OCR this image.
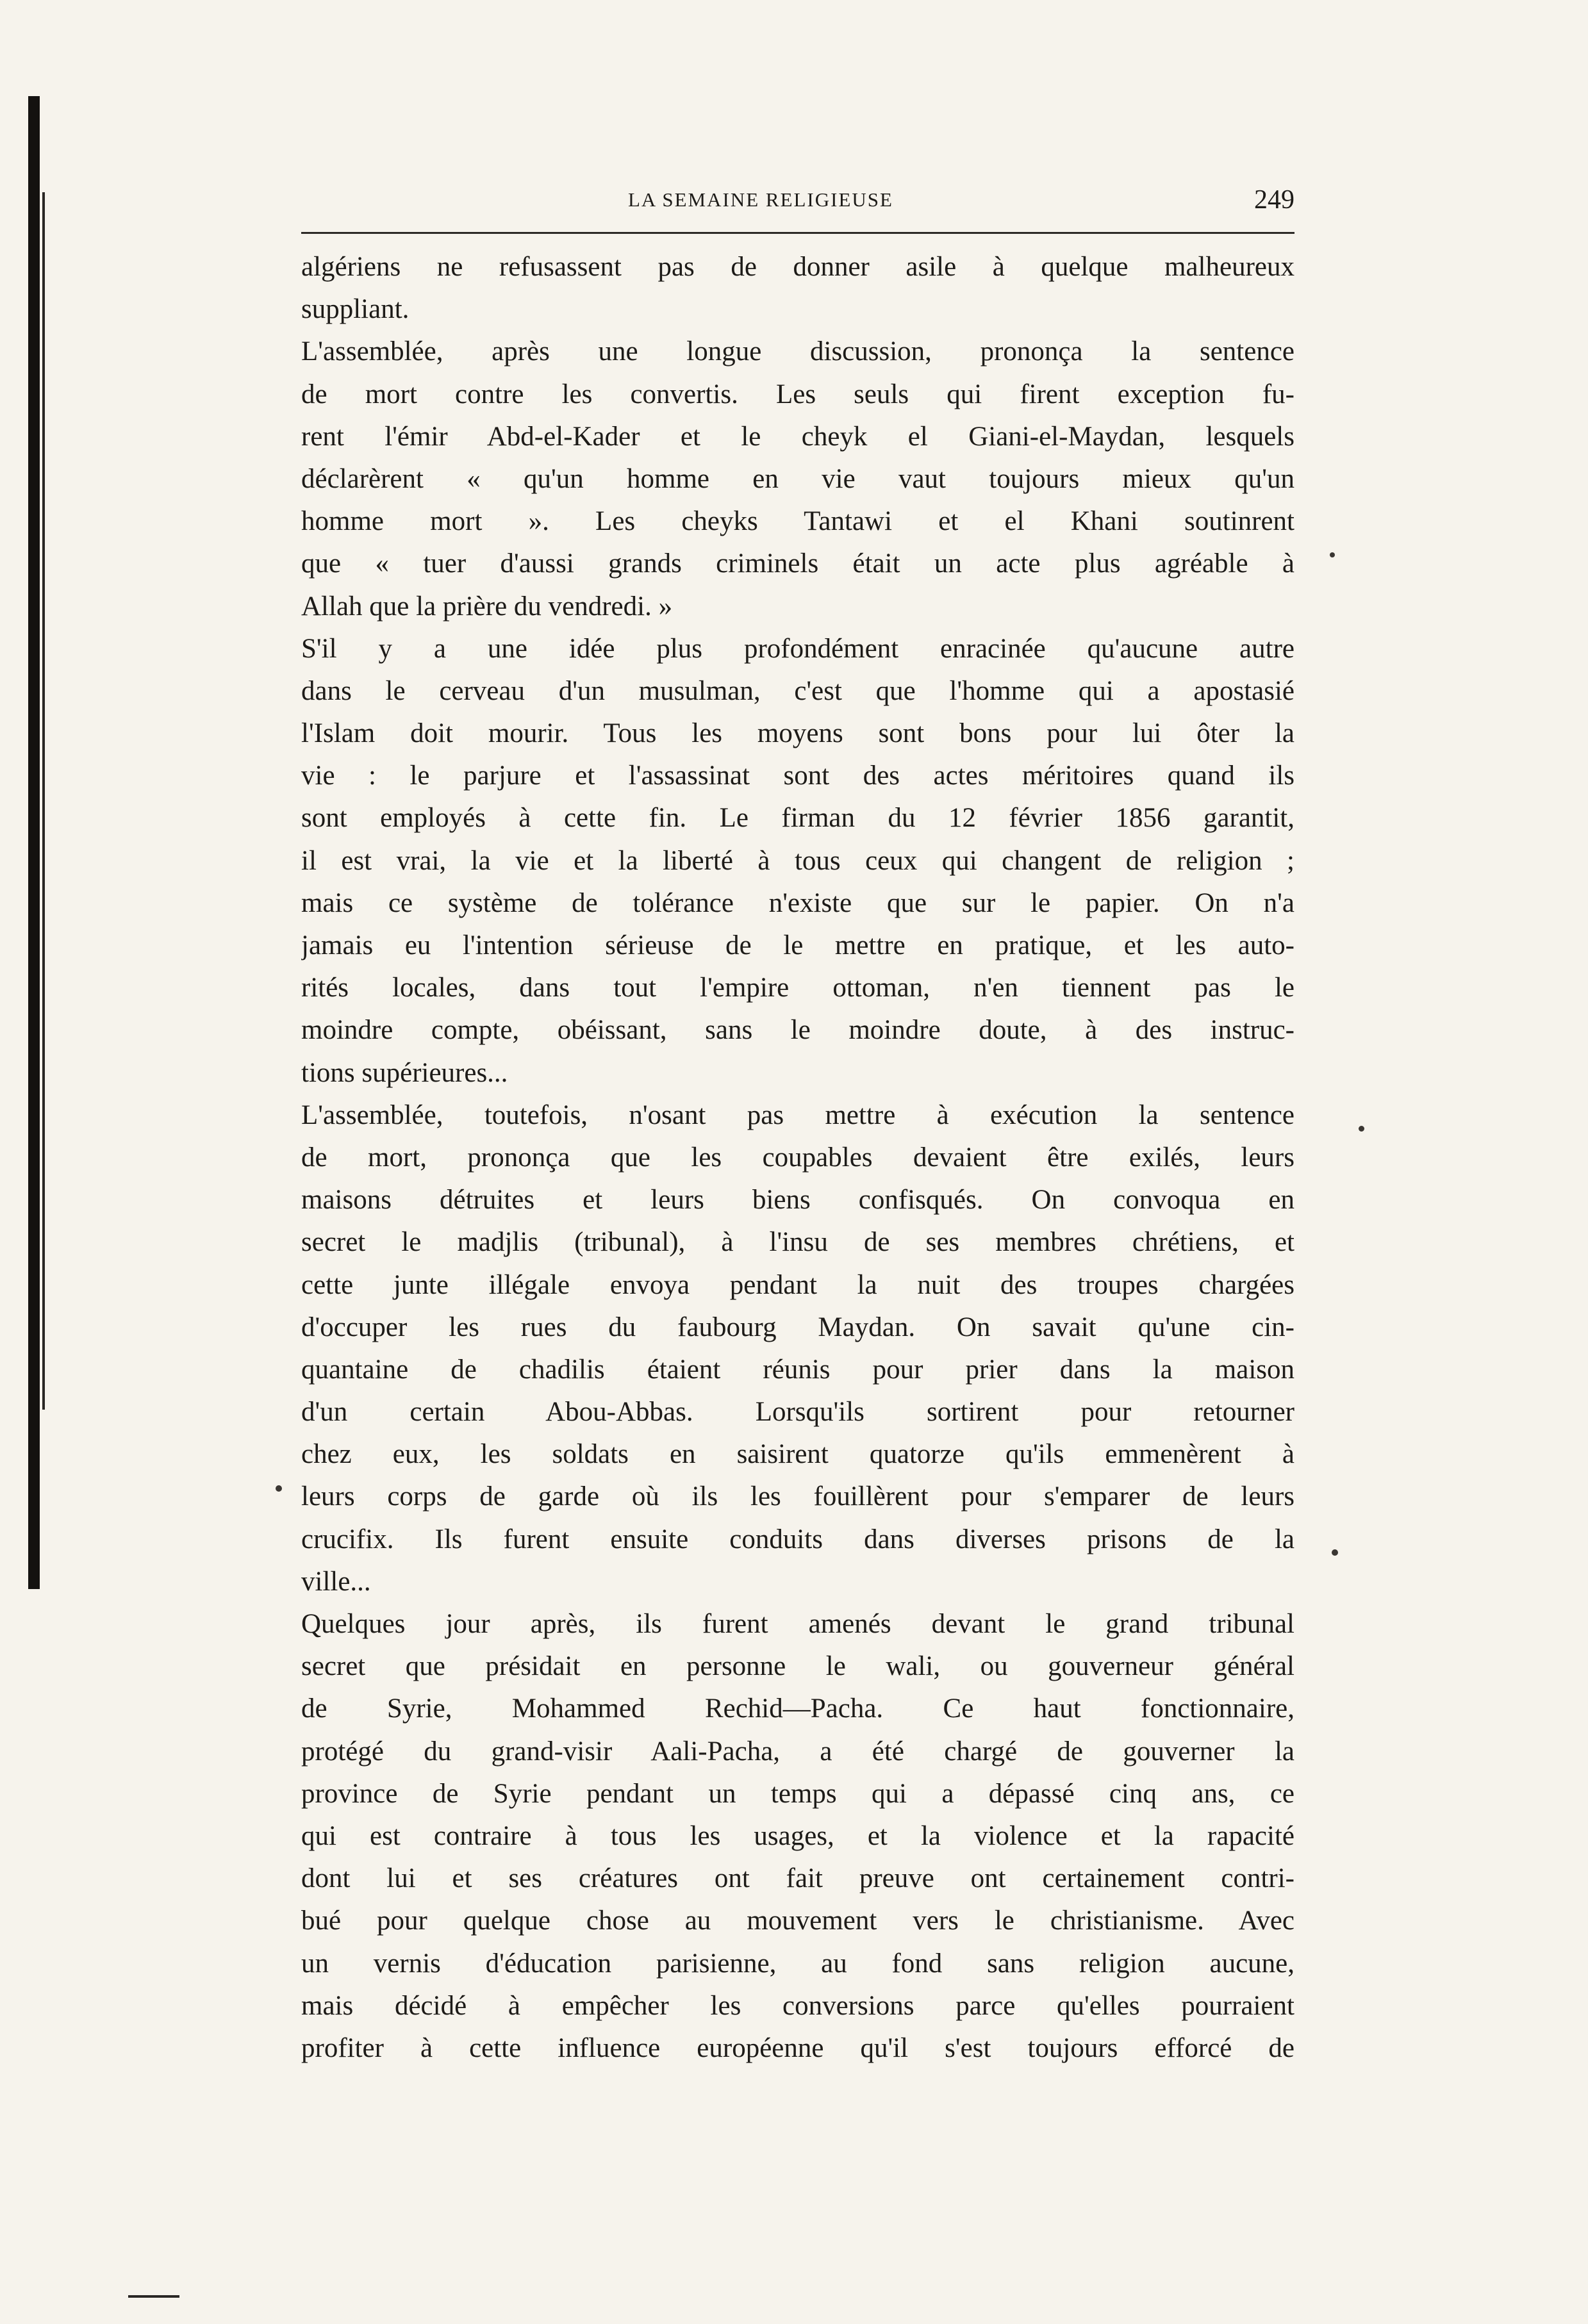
LA SEMAINE RELIGIEUSE	249
algériens ne refusassent pas de donner asile à quelque malheureux
suppliant.
L'assemblée, après une longue discussion, prononça la sentence
de mort contre les convertis. Les seuls qui firent exception fu-
rent l'émir Abd-el-Kader et le cheyk el Giani-el-Maydan, lesquels
déclarèrent « qu'un homme en vie vaut toujours mieux qu'un
homme mort ». Les cheyks Tantawi et el Khani soutinrent
que « tuer d'aussi grands criminels était un acte plus agréable à
Allah que la prière du vendredi. »
S'il y a une idée plus profondément enracinée qu'aucune autre
dans le cerveau d'un musulman, c'est que l'homme qui a apostasié
l'Islam doit mourir. Tous les moyens sont bons pour lui ôter la
vie : le parjure et l'assassinat sont des actes méritoires quand ils
sont employés à cette fin. Le firman du 12 février 1856 garantit,
il est vrai, la vie et la liberté à tous ceux qui changent de religion ;
mais ce système de tolérance n'existe que sur le papier. On n'a
jamais eu l'intention sérieuse de le mettre en pratique, et les auto-
rités locales, dans tout l'empire ottoman, n'en tiennent pas le
moindre compte, obéissant, sans le moindre doute, à des instruc-
tions supérieures...
L'assemblée, toutefois, n'osant pas mettre à exécution la sentence
de mort, prononça que les coupables devaient être exilés, leurs
maisons détruites et leurs biens confisqués. On convoqua en
secret le madjlis (tribunal), à l'insu de ses membres chrétiens, et
cette junte illégale envoya pendant la nuit des troupes chargées
d'occuper les rues du faubourg Maydan. On savait qu'une cin-
quantaine de chadilis étaient réunis pour prier dans la maison
d'un certain Abou-Abbas. Lorsqu'ils sortirent pour retourner
chez eux, les soldats en saisirent quatorze qu'ils emmenèrent à
leurs corps de garde où ils les fouillèrent pour s'emparer de leurs
crucifix. Ils furent ensuite conduits dans diverses prisons de la
ville...
Quelques jour après, ils furent amenés devant le grand tribunal
secret que présidait en personne le wali, ou gouverneur général
de Syrie, Mohammed Rechid—Pacha. Ce haut fonctionnaire,
protégé du grand-visir Aali-Pacha, a été chargé de gouverner la
province de Syrie pendant un temps qui a dépassé cinq ans, ce
qui est contraire à tous les usages, et la violence et la rapacité
dont lui et ses créatures ont fait preuve ont certainement contri-
bué pour quelque chose au mouvement vers le christianisme. Avec
un vernis d'éducation parisienne, au fond sans religion aucune,
mais décidé à empêcher les conversions parce qu'elles pourraient
profiter à cette influence européenne qu'il s'est toujours efforcé de
